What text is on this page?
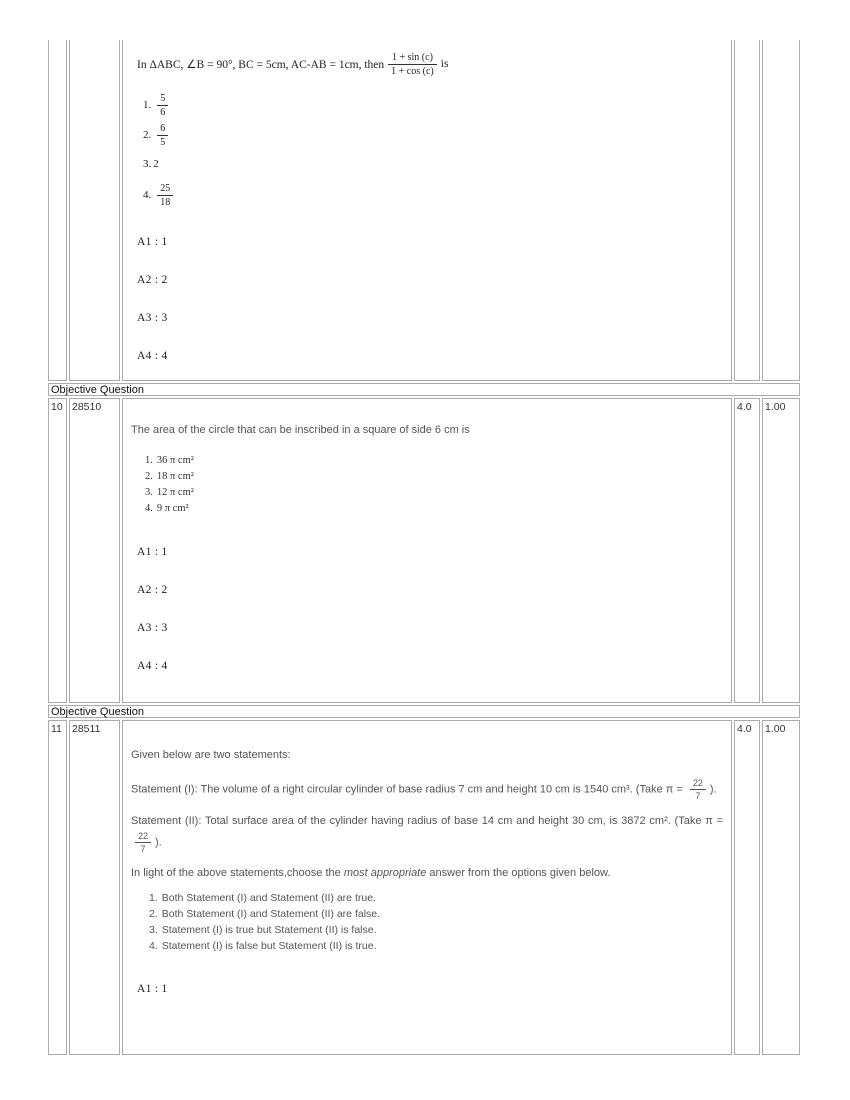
In ΔABC, ∠B = 90°, BC = 5cm, AC-AB = 1cm, then $\frac{1 + \sin (c)}{1 + \cos (c)}$ is
1. $\frac{5}{6}$
2. $\frac{6}{5}$
3. 2
4. $\frac{25}{18}$
A1 : 1
A2 : 2
A3 : 3
A4 : 4
Objective Question
10 28510
The area of the circle that can be inscribed in a square of side 6 cm is
1. 36 π cm²
2. 18 π cm²
3. 12 π cm²
4. 9 π cm²
A1 : 1
A2 : 2
A3 : 3
A4 : 4
4.0	1.00
Objective Question
11 28511
Given below are two statements:
Statement (I): The volume of a right circular cylinder of base radius 7 cm and height 10 cm is 1540 cm³. (Take $\pi = \frac{22}{7}$ ).
Statement (II): Total surface area of the cylinder having radius of base 14 cm and height 30 cm, is 3872 cm². (Take π =
$\frac{22}{7}$ ).
In light of the above statements,choose the most appropriate answer from the options given below.
1. Both Statement (I) and Statement (II) are true.
2. Both Statement (I) and Statement (II) are false.
3. Statement (I) is true but Statement (II) is false.
4. Statement (I) is false but Statement (II) is true.
A1 : 1
4.0	1.00
